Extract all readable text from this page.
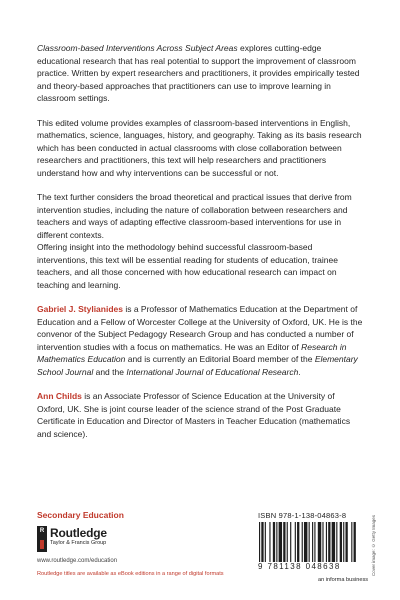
Classroom-based Interventions Across Subject Areas explores cutting-edge educational research that has real potential to support the improvement of classroom practice. Written by expert researchers and practitioners, it provides empirically tested and theory-based approaches that practitioners can use to improve learning in classroom settings.

This edited volume provides examples of classroom-based interventions in English, mathematics, science, languages, history, and geography. Taking as its basis research which has been conducted in actual classrooms with close collaboration between researchers and practitioners, this text will help researchers and practitioners understand how and why interventions can be successful or not.

The text further considers the broad theoretical and practical issues that derive from intervention studies, including the nature of collaboration between researchers and teachers and ways of adapting effective classroom-based interventions for use in different contexts.

Offering insight into the methodology behind successful classroom-based interventions, this text will be essential reading for students of education, trainee teachers, and all those concerned with how educational research can impact on teaching and learning.

Gabriel J. Stylianides is a Professor of Mathematics Education at the Department of Education and a Fellow of Worcester College at the University of Oxford, UK. He is the convenor of the Subject Pedagogy Research Group and has conducted a number of intervention studies with a focus on mathematics. He was an Editor of Research in Mathematics Education and is currently an Editorial Board member of the Elementary School Journal and the International Journal of Educational Research.

Ann Childs is an Associate Professor of Science Education at the University of Oxford, UK. She is joint course leader of the science strand of the Post Graduate Certificate in Education and Director of Masters in Teacher Education (mathematics and science).

Secondary Education
R Routledge
Taylor & Francis Group
www.routledge.com/education
Routledge titles are available as eBook editions in a range of digital formats
ISBN 978-1-138-04863-8
9 781138 048638	Cover image: © Getty Images
an informa business
